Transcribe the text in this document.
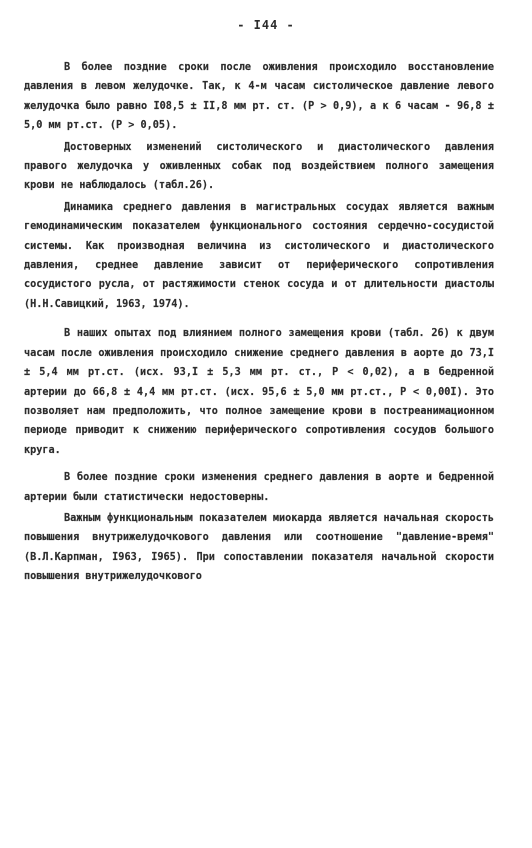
- I44 -

В более поздние сроки после оживления происходило восстановление давления в левом желудочке. Так, к 4-м часам систолическое давление левого желудочка было равно I08,5 ± II,8 мм рт. ст. (P > 0,9), а к 6 часам - 96,8 ± 5,0 мм рт.ст. (P > 0,05).

Достоверных изменений систолического и диастолического давления правого желудочка у оживленных собак под воздействием полного замещения крови не наблюдалось (табл.26).

Динамика среднего давления в магистральных сосудах является важным гемодинамическим показателем функционального состояния сердечно-сосудистой системы. Как производная величина из систолического и диастолического давления, среднее давление зависит от периферического сопротивления сосудистого русла, от растяжимости стенок сосуда и от длительности диастолы (Н.Н.Савицкий, 1963, 1974).

В наших опытах под влиянием полного замещения крови (табл. 26) к двум часам после оживления происходило снижение среднего давления в аорте до 73,I ± 5,4 мм рт.ст. (исх. 93,I ± 5,3 мм рт. ст., P < 0,02), а в бедренной артерии до 66,8 ± 4,4 мм рт.ст. (исх. 95,6 ± 5,0 мм рт.ст., P < 0,00I). Это позволяет нам предположить, что полное замещение крови в постреанимационном периоде приводит к снижению периферического сопротивления сосудов большого круга.

В более поздние сроки изменения среднего давления в аорте и бедренной артерии были статистически недостоверны.

Важным функциональным показателем миокарда является начальная скорость повышения внутрижелудочкового давления или соотношение "давление-время" (В.Л.Карпман, I963, I965). При сопоставлении показателя начальной скорости повышения внутрижелудочкового
